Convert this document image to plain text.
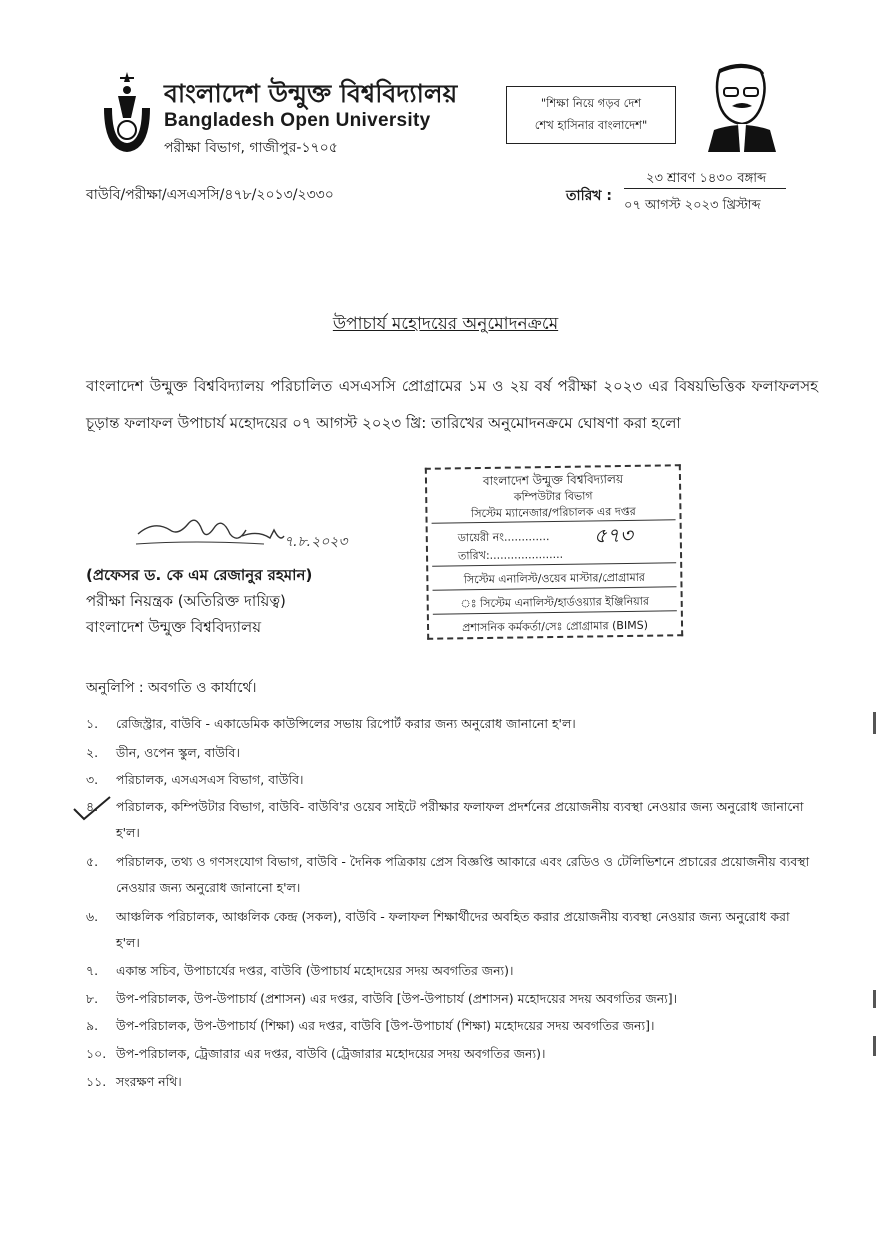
বাংলাদেশ উন্মুক্ত বিশ্ববিদ্যালয়
Bangladesh Open University
পরীক্ষা বিভাগ, গাজীপুর-১৭০৫
"শিক্ষা নিয়ে গড়ব দেশ
শেখ হাসিনার বাংলাদেশ"
বাউবি/পরীক্ষা/এসএসসি/৪৭৮/২০১৩/২৩৩০	তারিখ :
২৩ শ্রাবণ ১৪৩০ বঙ্গাব্দ
০৭ আগস্ট ২০২৩ খ্রিস্টাব্দ
উপাচার্য মহোদয়ের অনুমোদনক্রমে
বাংলাদেশ উন্মুক্ত বিশ্ববিদ্যালয় পরিচালিত এসএসসি প্রোগ্রামের ১ম ও ২য় বর্ষ পরীক্ষা ২০২৩ এর বিষয়ভিত্তিক ফলাফলসহ চূড়ান্ত ফলাফল উপাচার্য মহোদয়ের ০৭ আগস্ট ২০২৩ খ্রি: তারিখের অনুমোদনক্রমে ঘোষণা করা হলো
৭.৮.২০২৩
(প্রফেসর ড. কে এম রেজানুর রহমান)
পরীক্ষা নিয়ন্ত্রক (অতিরিক্ত দায়িত্ব)
বাংলাদেশ উন্মুক্ত বিশ্ববিদ্যালয়
বাংলাদেশ উন্মুক্ত বিশ্ববিদ্যালয়
কম্পিউটার বিভাগ
সিস্টেম ম্যানেজার/পরিচালক এর দপ্তর
ডায়েরী নং............. ৫৭৩
তারিখ:.....................
সিস্টেম এনালিস্ট/ওয়েব মাস্টার/প্রোগ্রামার
ঃ সিস্টেম এনালিস্ট/হার্ডওয়্যার ইঞ্জিনিয়ার
প্রশাসনিক কর্মকর্তা/সেঃ প্রোগ্রামার (BIMS)
অনুলিপি : অবগতি ও কার্যার্থে।
১. রেজিস্ট্রার, বাউবি - একাডেমিক কাউন্সিলের সভায় রিপোর্ট করার জন্য অনুরোধ জানানো হ'ল।
২. ডীন, ওপেন স্কুল, বাউবি।
৩. পরিচালক, এসএসএস বিভাগ, বাউবি।
৪. পরিচালক, কম্পিউটার বিভাগ, বাউবি- বাউবি'র ওয়েব সাইটে পরীক্ষার ফলাফল প্রদর্শনের প্রয়োজনীয় ব্যবস্থা নেওয়ার জন্য অনুরোধ জানানো হ'ল।
৫. পরিচালক, তথ্য ও গণসংযোগ বিভাগ, বাউবি - দৈনিক পত্রিকায় প্রেস বিজ্ঞপ্তি আকারে এবং রেডিও ও টেলিভিশনে প্রচারের প্রয়োজনীয় ব্যবস্থা নেওয়ার জন্য অনুরোধ জানানো হ'ল।
৬. আঞ্চলিক পরিচালক, আঞ্চলিক কেন্দ্র (সকল), বাউবি - ফলাফল শিক্ষার্থীদের অবহিত করার প্রয়োজনীয় ব্যবস্থা নেওয়ার জন্য অনুরোধ করা হ'ল।
৭. একান্ত সচিব, উপাচার্যের দপ্তর, বাউবি (উপাচার্য মহোদয়ের সদয় অবগতির জন্য)।
৮. উপ-পরিচালক, উপ-উপাচার্য (প্রশাসন) এর দপ্তর, বাউবি [উপ-উপাচার্য (প্রশাসন) মহোদয়ের সদয় অবগতির জন্য]।
৯. উপ-পরিচালক, উপ-উপাচার্য (শিক্ষা) এর দপ্তর, বাউবি [উপ-উপাচার্য (শিক্ষা) মহোদয়ের সদয় অবগতির জন্য]।
১০. উপ-পরিচালক, ট্রেজারার এর দপ্তর, বাউবি (ট্রেজারার মহোদয়ের সদয় অবগতির জন্য)।
১১. সংরক্ষণ নথি।
